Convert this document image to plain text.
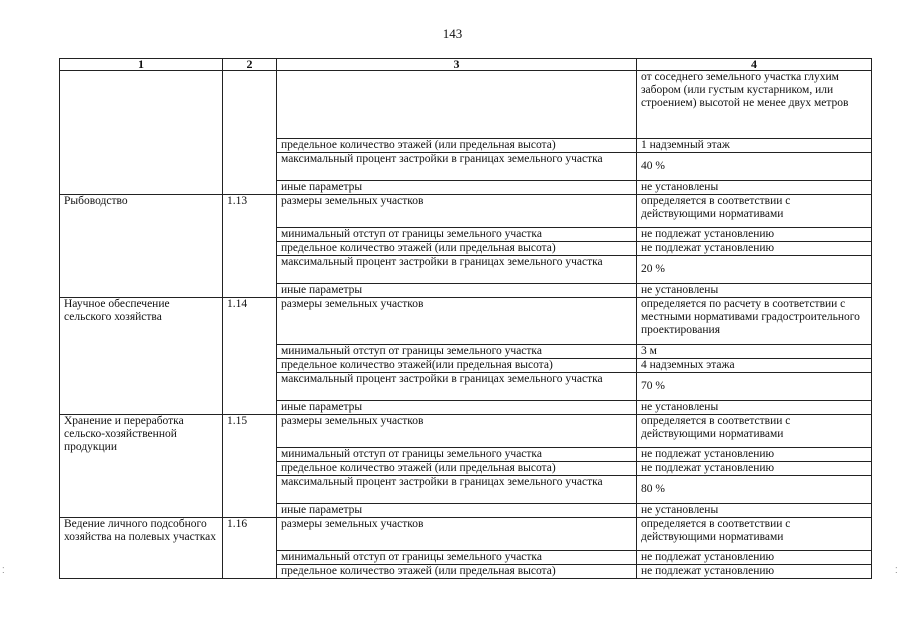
143
1	2	3	4
			от соседнего земельного участка глухим забором (или густым кустарником, или строением) высотой не менее двух метров
		предельное количество этажей (или предельная высота)	1 надземный этаж
		максимальный процент застройки в границах земельного участка	40 %
		иные параметры	не установлены
Рыбоводство	1.13	размеры земельных участков	определяется в соответствии с действующими нормативами
		минимальный отступ от границы земельного участка	не подлежат установлению
		предельное количество этажей (или предельная высота)	не подлежат установлению
		максимальный процент застройки в границах земельного участка	20 %
		иные параметры	не установлены
Научное обеспечение сельского хозяйства	1.14	размеры земельных участков	определяется по расчету в соответствии с местными нормативами градостроительного проектирования
		минимальный отступ от границы земельного участка	3 м
		предельное количество этажей(или предельная высота)	4 надземных этажа
		максимальный процент застройки в границах земельного участка	70 %
		иные параметры	не установлены
Хранение и переработка сельско-хозяйственной продукции	1.15	размеры земельных участков	определяется в соответствии с действующими нормативами
		минимальный отступ от границы земельного участка	не подлежат установлению
		предельное количество этажей (или предельная высота)	не подлежат установлению
		максимальный процент застройки в границах земельного участка	80 %
		иные параметры	не установлены
Ведение личного подсобного хозяйства на полевых участках	1.16	размеры земельных участков	определяется в соответствии с действующими нормативами
		минимальный отступ от границы земельного участка	не подлежат установлению
		предельное количество этажей (или предельная высота)	не подлежат установлению
⁚	⁚
